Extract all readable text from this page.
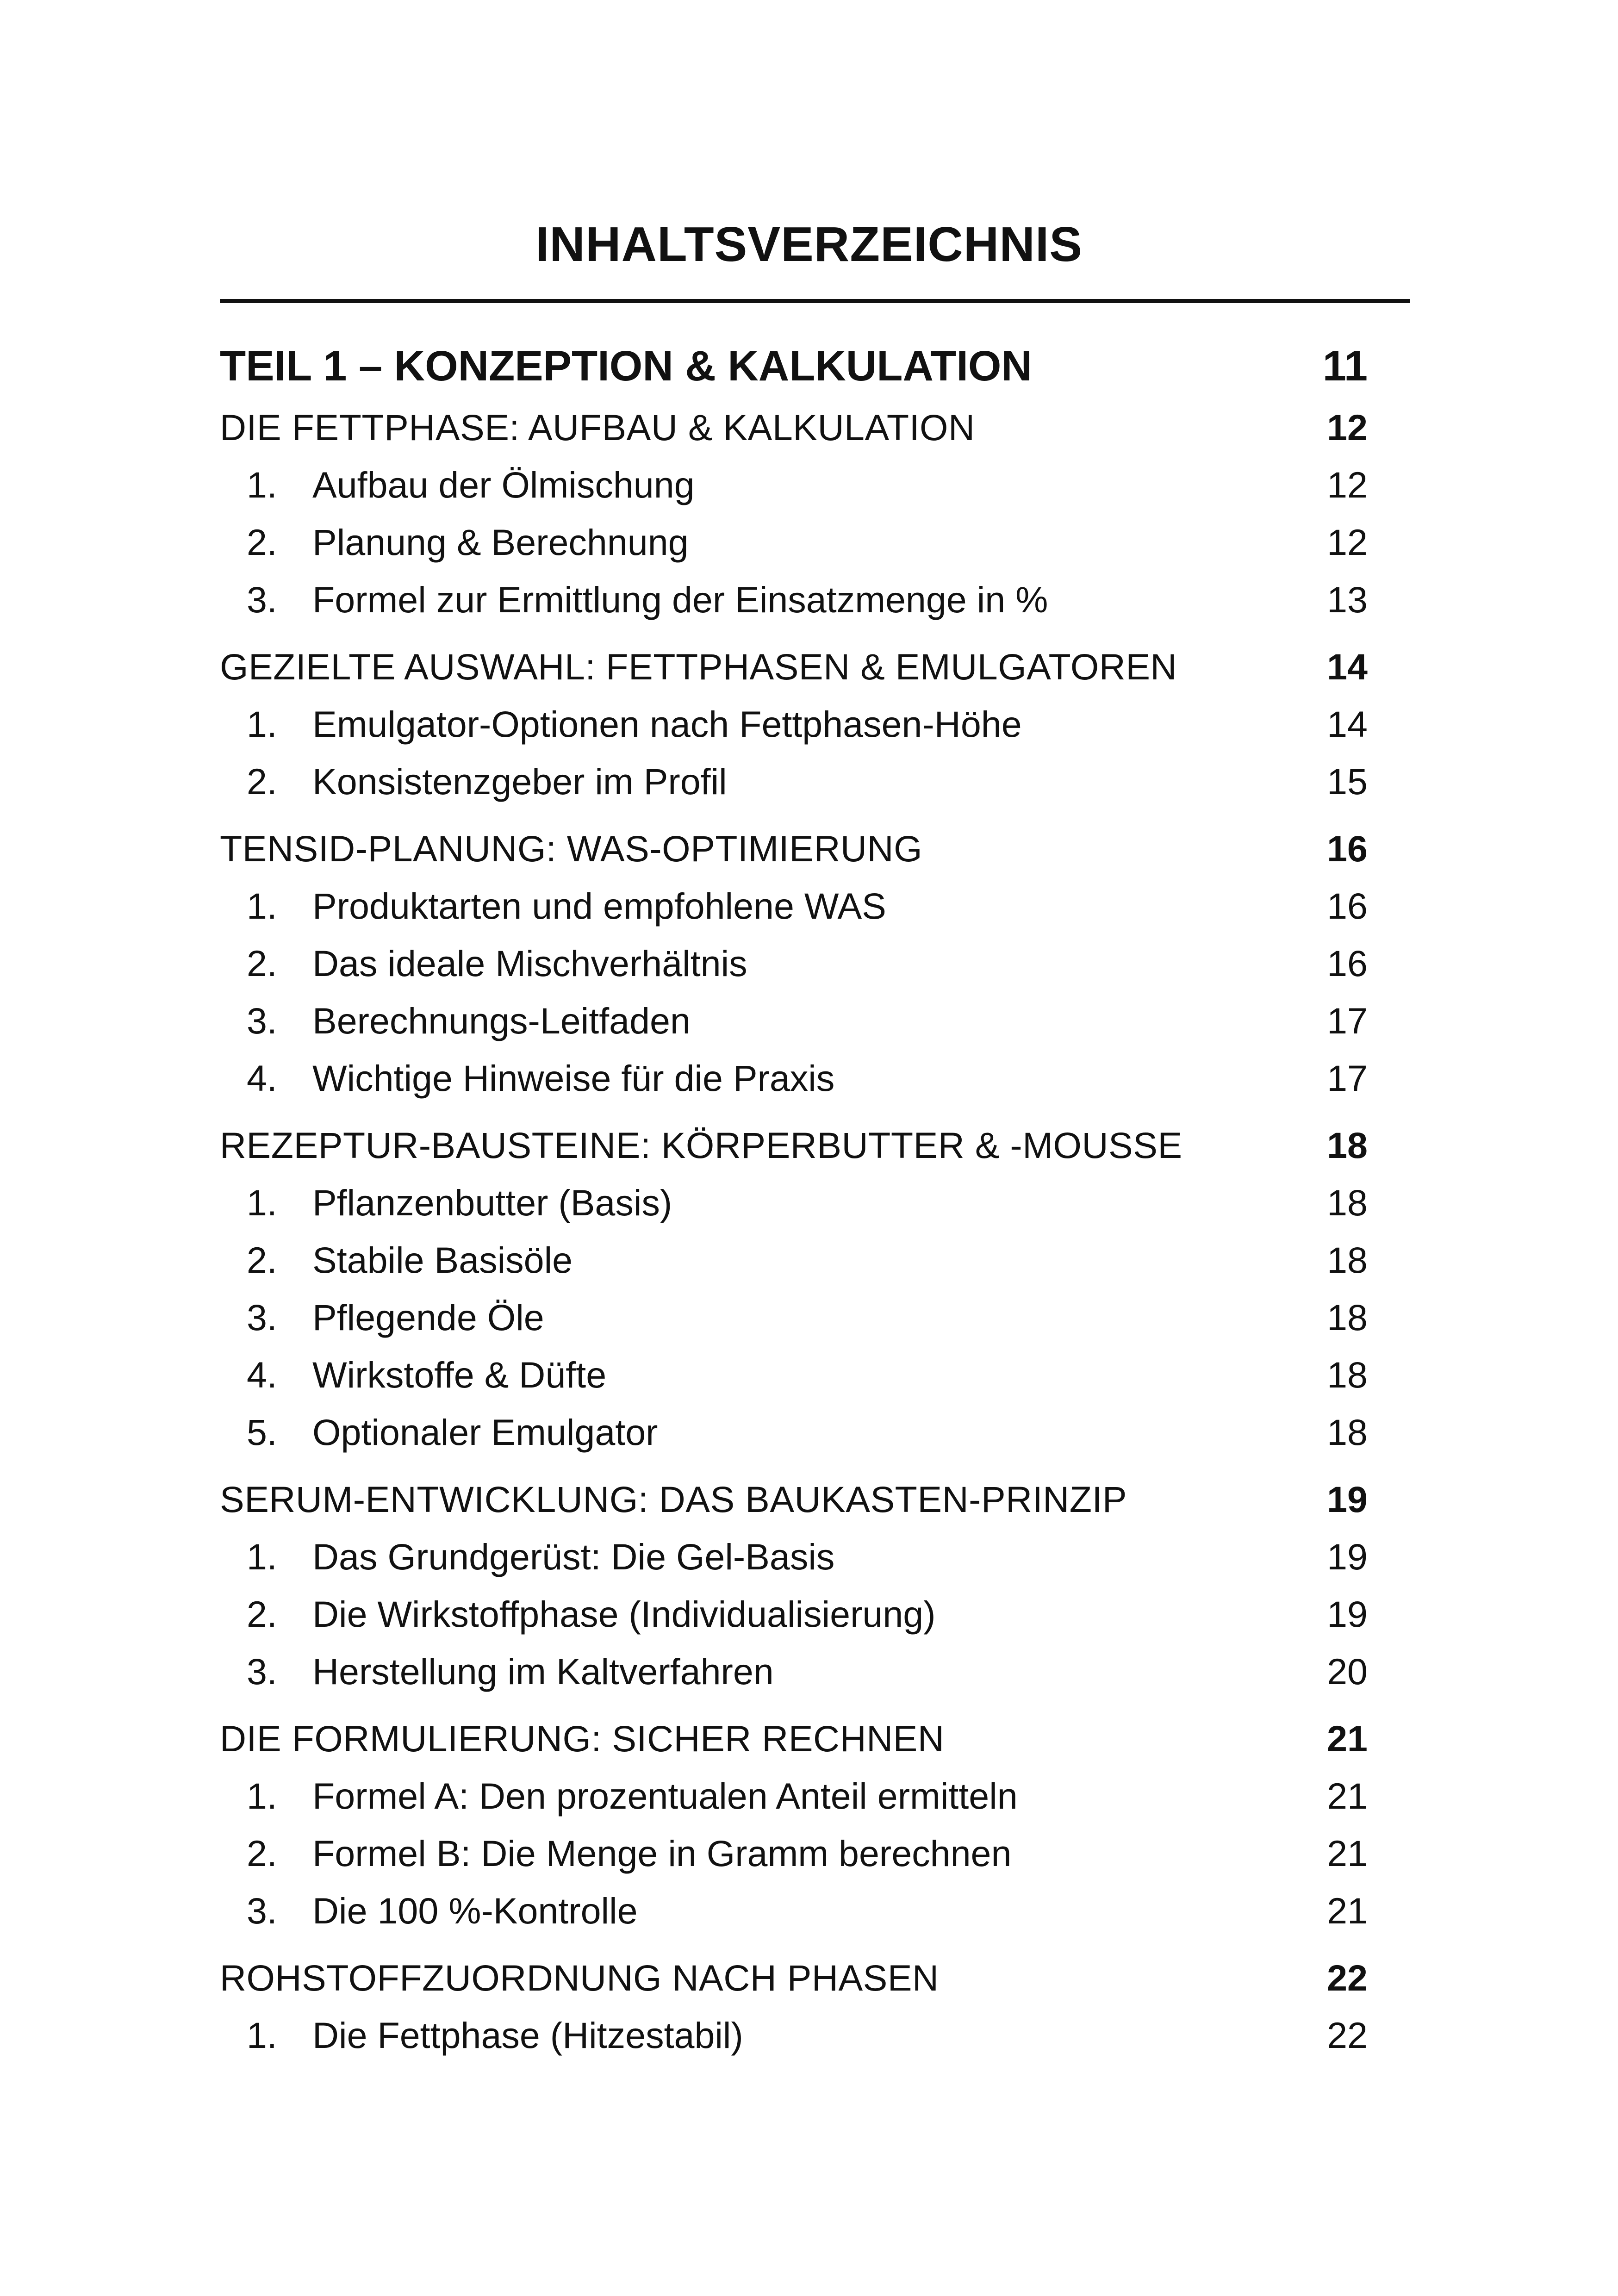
INHALTSVERZEICHNIS
TEIL 1 – KONZEPTION & KALKULATION	11
DIE FETTPHASE: AUFBAU & KALKULATION	12
1. Aufbau der Ölmischung	12
2. Planung & Berechnung	12
3. Formel zur Ermittlung der Einsatzmenge in %	13
GEZIELTE AUSWAHL: FETTPHASEN & EMULGATOREN	14
1. Emulgator-Optionen nach Fettphasen-Höhe	14
2. Konsistenzgeber im Profil	15
TENSID-PLANUNG: WAS-OPTIMIERUNG	16
1. Produktarten und empfohlene WAS	16
2. Das ideale Mischverhältnis	16
3. Berechnungs-Leitfaden	17
4. Wichtige Hinweise für die Praxis	17
REZEPTUR-BAUSTEINE: KÖRPERBUTTER & -MOUSSE	18
1. Pflanzenbutter (Basis)	18
2. Stabile Basisöle	18
3. Pflegende Öle	18
4. Wirkstoffe & Düfte	18
5. Optionaler Emulgator	18
SERUM-ENTWICKLUNG: DAS BAUKASTEN-PRINZIP	19
1. Das Grundgerüst: Die Gel-Basis	19
2. Die Wirkstoffphase (Individualisierung)	19
3. Herstellung im Kaltverfahren	20
DIE FORMULIERUNG: SICHER RECHNEN	21
1. Formel A: Den prozentualen Anteil ermitteln	21
2. Formel B: Die Menge in Gramm berechnen	21
3. Die 100 %-Kontrolle	21
ROHSTOFFZUORDNUNG NACH PHASEN	22
1. Die Fettphase (Hitzestabil)	22
